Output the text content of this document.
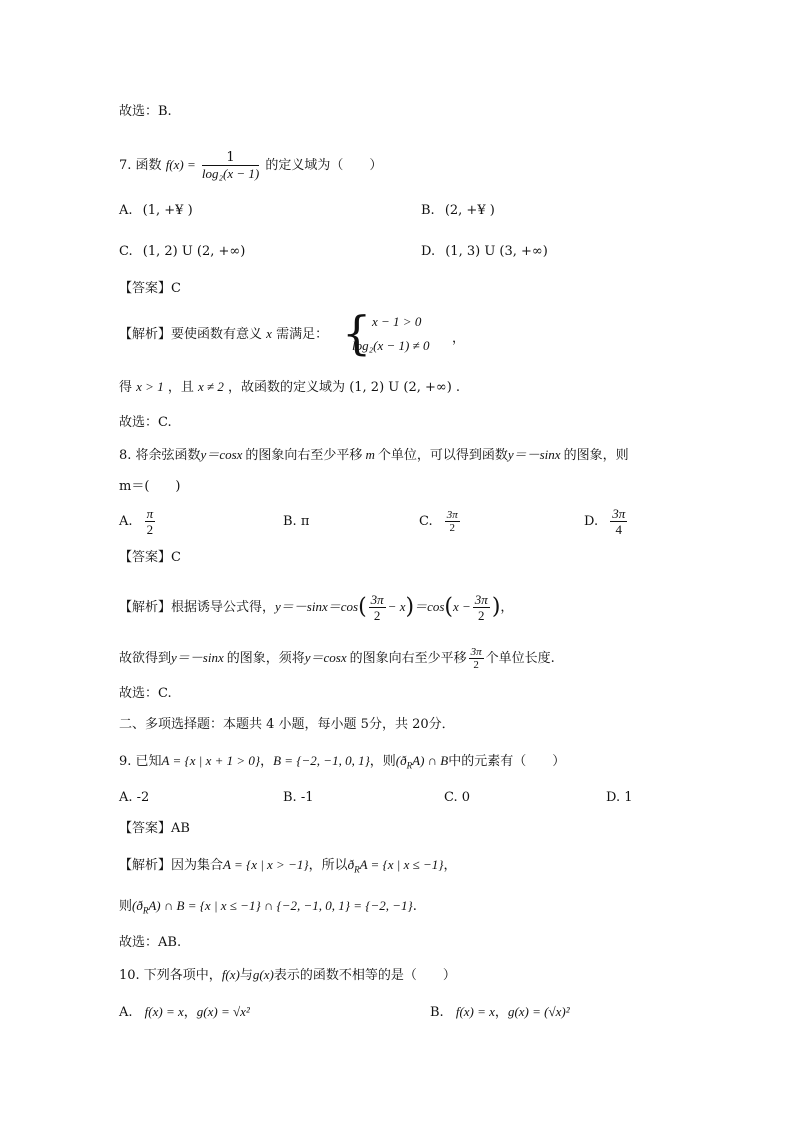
故选：B.
7. 函数 $f(x) = \frac{1}{\text{log₂(x − 1)}}$ 的定义域为（　　）
A. (1, +¥ )	B. (2, +¥ )
C. (1, 2) U (2, +∞)	D. (1, 3) U (3, +∞)
【答案】C
【解析】要使函数有意义 x 需满足： { x − 1 > 0
log₂(x − 1) ≠ 0 ，
得 x > 1 ，且 x ≠ 2 ，故函数的定义域为 (1, 2) U (2, +∞) .
故选：C.
8. 将余弦函数y＝cosx 的图象向右至少平移 m 个单位，可以得到函数y＝－sinx 的图象，则
m＝(　　)
A. $\frac{\pi}{2}$	B. π	C. $\frac{3\pi}{2}$	D. $\frac{3\pi}{4}$
【答案】C
【解析】根据诱导公式得，$y=-\sin x=\cos( \frac{3\pi}{2} - x)=\cos(x - \frac{3\pi}{2}$ )，
故欲得到y＝－sinx 的图象，须将y＝cosx 的图象向右至少平移 $\frac{3\pi}{2}$ 个单位长度.
故选：C.
二、多项选择题：本题共 4 小题，每小题 5分，共 20分．
9. 已知A = {x | x + 1 > 0}，B = {−2, −1, 0, 1}，则$(ð_RA)$ ∩ B中的元素有（　　）
A. -2	B. -1	C. 0	D. 1
【答案】AB
【解析】因为集合A = {x | x > −1}，所以$ð_RA = \{x$ | x ≤ −1}，
则$(ð_RA)$ ∩ B = {x | x ≤ −1} ∩ {−2, −1, 0, 1} = {−2, −1}.
故选：AB.
10. 下列各项中，f(x)与g(x)表示的函数不相等的是（　　）
A. f(x) = x，g(x) = √x²	B. f(x) = x，g(x) = (√x)²
